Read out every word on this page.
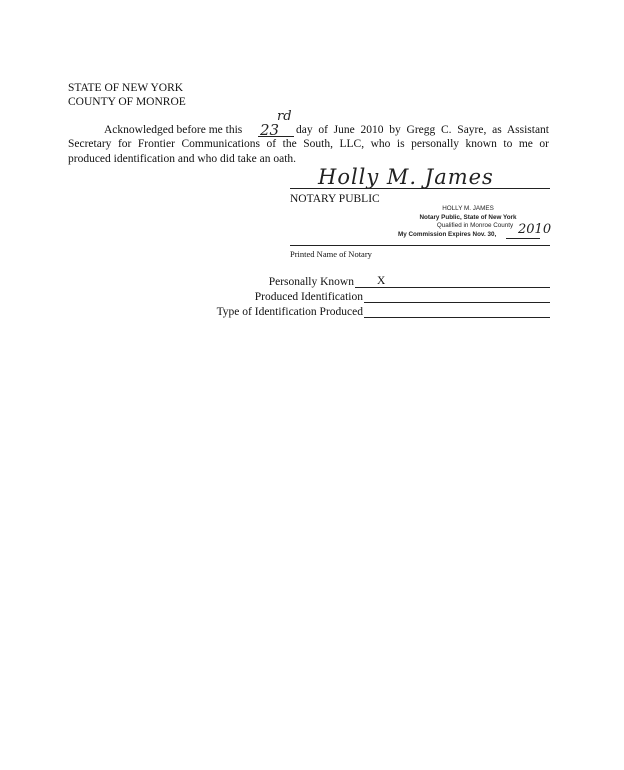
STATE OF NEW YORK
COUNTY OF MONROE
Acknowledged before me this 23
rd
day of June 2010 by Gregg C. Sayre, as Assistant
Secretary for Frontier Communications of the South, LLC, who is personally known to me or
produced identification and who did take an oath.
Holly M. James
NOTARY PUBLIC
HOLLY M. JAMES
Notary Public, State of New York
Qualified in Monroe County
My Commission Expires Nov. 30,	2010
Printed Name of Notary
Personally Known X
Produced Identification
Type of Identification Produced
